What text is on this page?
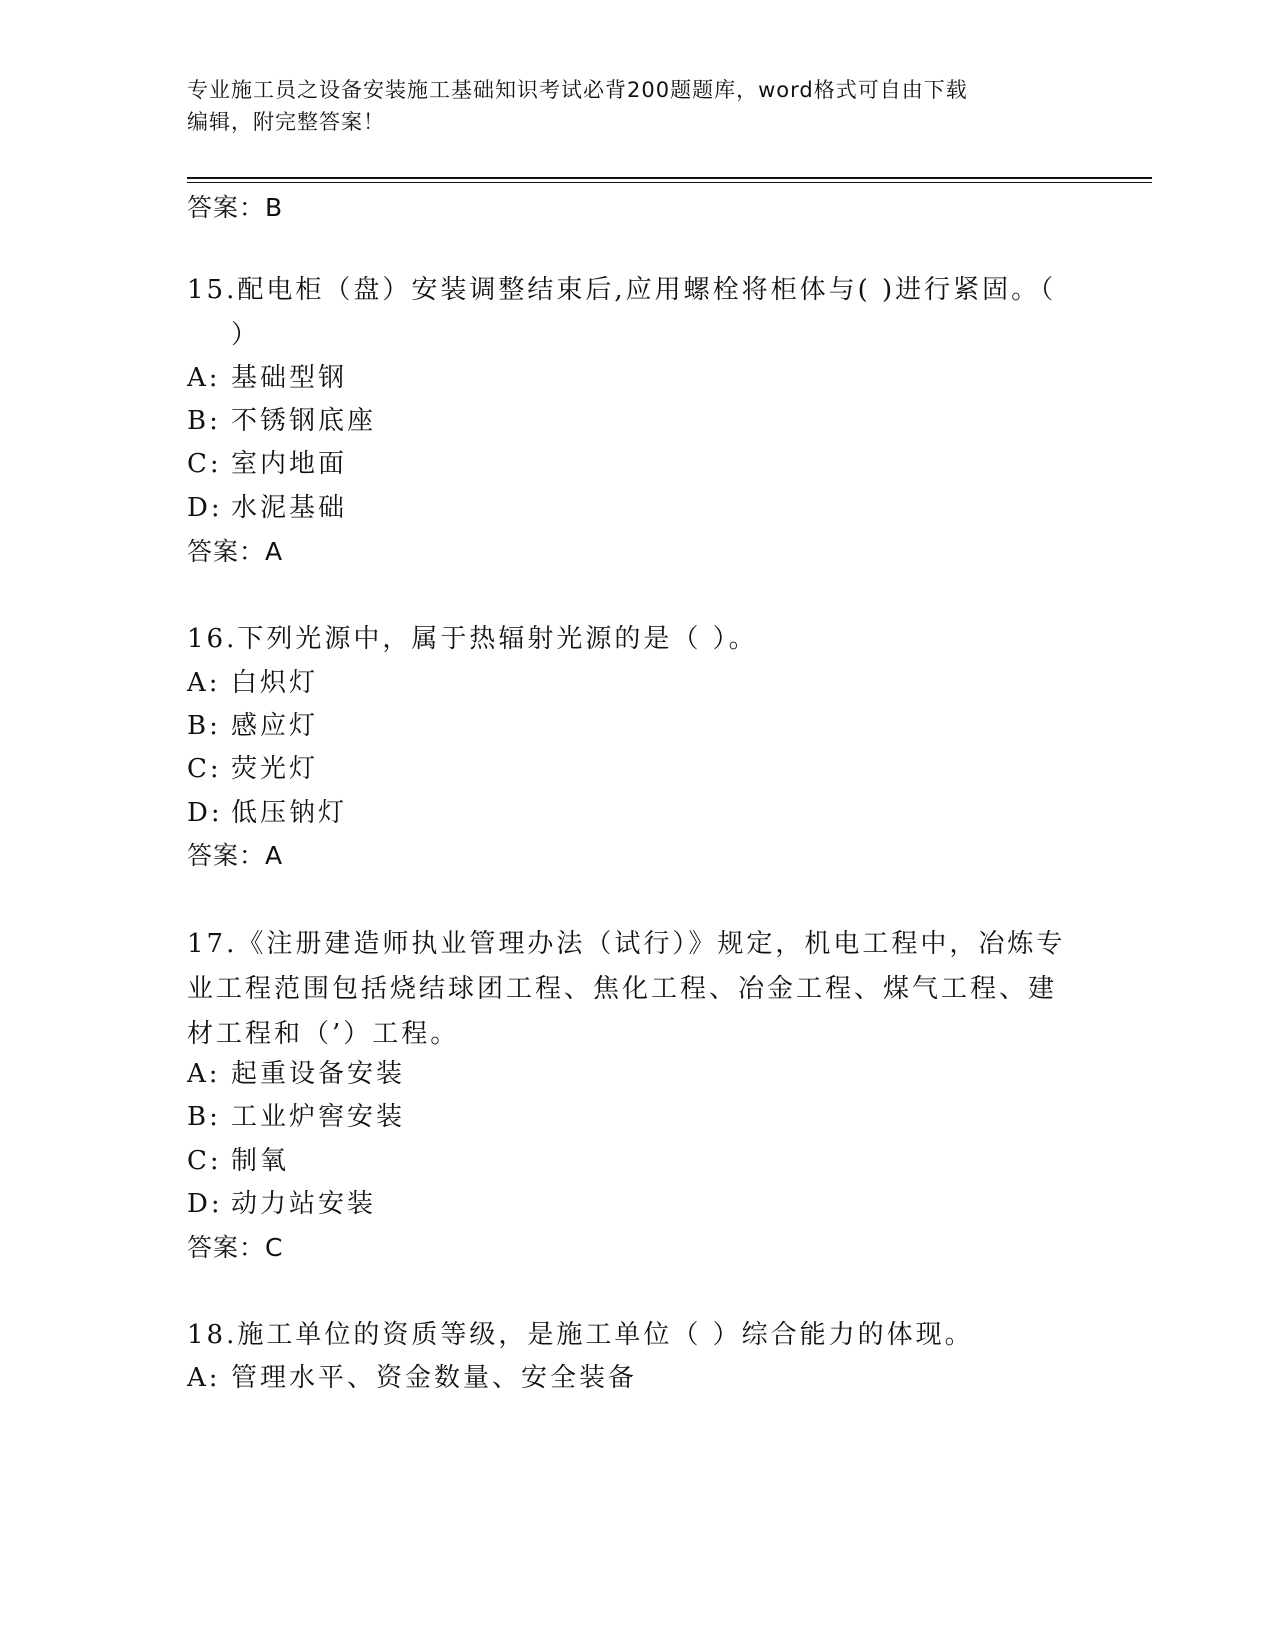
专业施工员之设备安装施工基础知识考试必背200题题库，word格式可自由下载
编辑，附完整答案！
答案：B
15.配电柜（盘）安装调整结束后,应用螺栓将柜体与( )进行紧固。（
）
A: 基础型钢
B: 不锈钢底座
C: 室内地面
D: 水泥基础
答案：A
16.下列光源中，属于热辐射光源的是（ ）。
A: 白炽灯
B: 感应灯
C: 荧光灯
D: 低压钠灯
答案：A
17.《注册建造师执业管理办法（试行）》规定，机电工程中，冶炼专
业工程范围包括烧结球团工程、焦化工程、冶金工程、煤气工程、建
材工程和（’）工程。
A: 起重设备安装
B: 工业炉窖安装
C: 制氧
D: 动力站安装
答案：C
18.施工单位的资质等级，是施工单位（ ）综合能力的体现。
A: 管理水平、资金数量、安全装备
